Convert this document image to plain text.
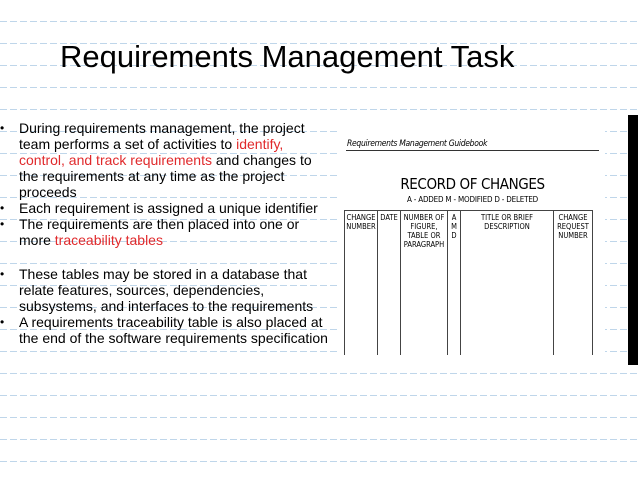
Requirements Management Task
• During requirements management, the project team performs a set of activities to identify, control, and track requirements and changes to the requirements at any time as the project proceeds
• Each requirement is assigned a unique identifier
• The requirements are then placed into one or more traceability tables
• These tables may be stored in a database that relate features, sources, dependencies, subsystems, and interfaces to the requirements
• A requirements traceability table is also placed at the end of the software requirements specification
Requirements Management Guidebook
RECORD OF CHANGES
A - ADDED M - MODIFIED D - DELETED
CHANGE NUMBER	DATE	NUMBER OF FIGURE, TABLE OR PARAGRAPH	A M D	TITLE OR BRIEF DESCRIPTION	CHANGE REQUEST NUMBER
